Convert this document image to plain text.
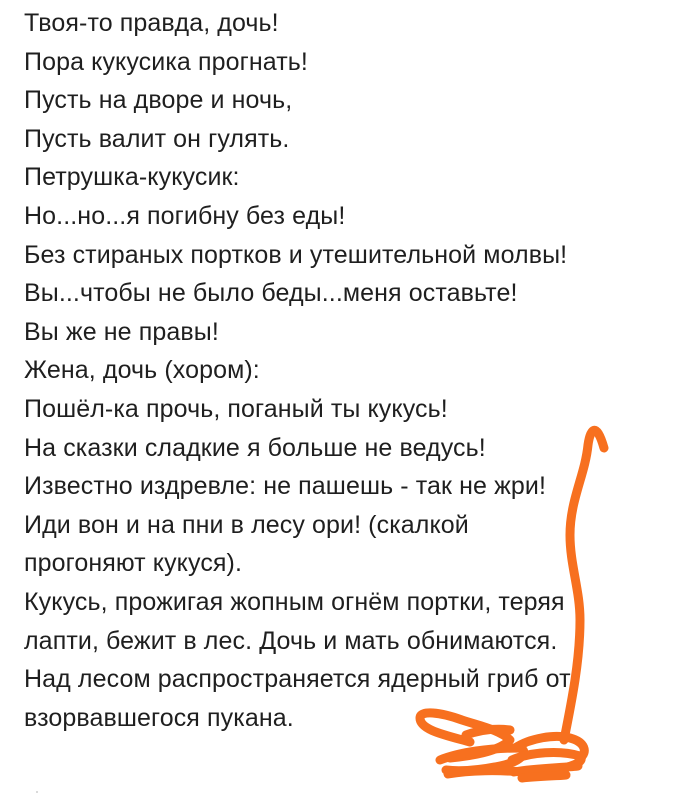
Твоя-то правда, дочь!
Пора кукусика прогнать!
Пусть на дворе и ночь,
Пусть валит он гулять.
Петрушка-кукусик:
Но...но...я погибну без еды!
Без стираных портков и утешительной молвы!
Вы...чтобы не было беды...меня оставьте!
Вы же не правы!
Жена, дочь (хором):
Пошёл-ка прочь, поганый ты кукусь!
На сказки сладкие я больше не ведусь!
Известно издревле: не пашешь - так не жри!
Иди вон и на пни в лесу ори! (скалкой
прогоняют кукуся).
Кукусь, прожигая жопным огнём портки, теряя
лапти, бежит в лес. Дочь и мать обнимаются.
Над лесом распространяется ядерный гриб от
взорвавшегося пукана.
